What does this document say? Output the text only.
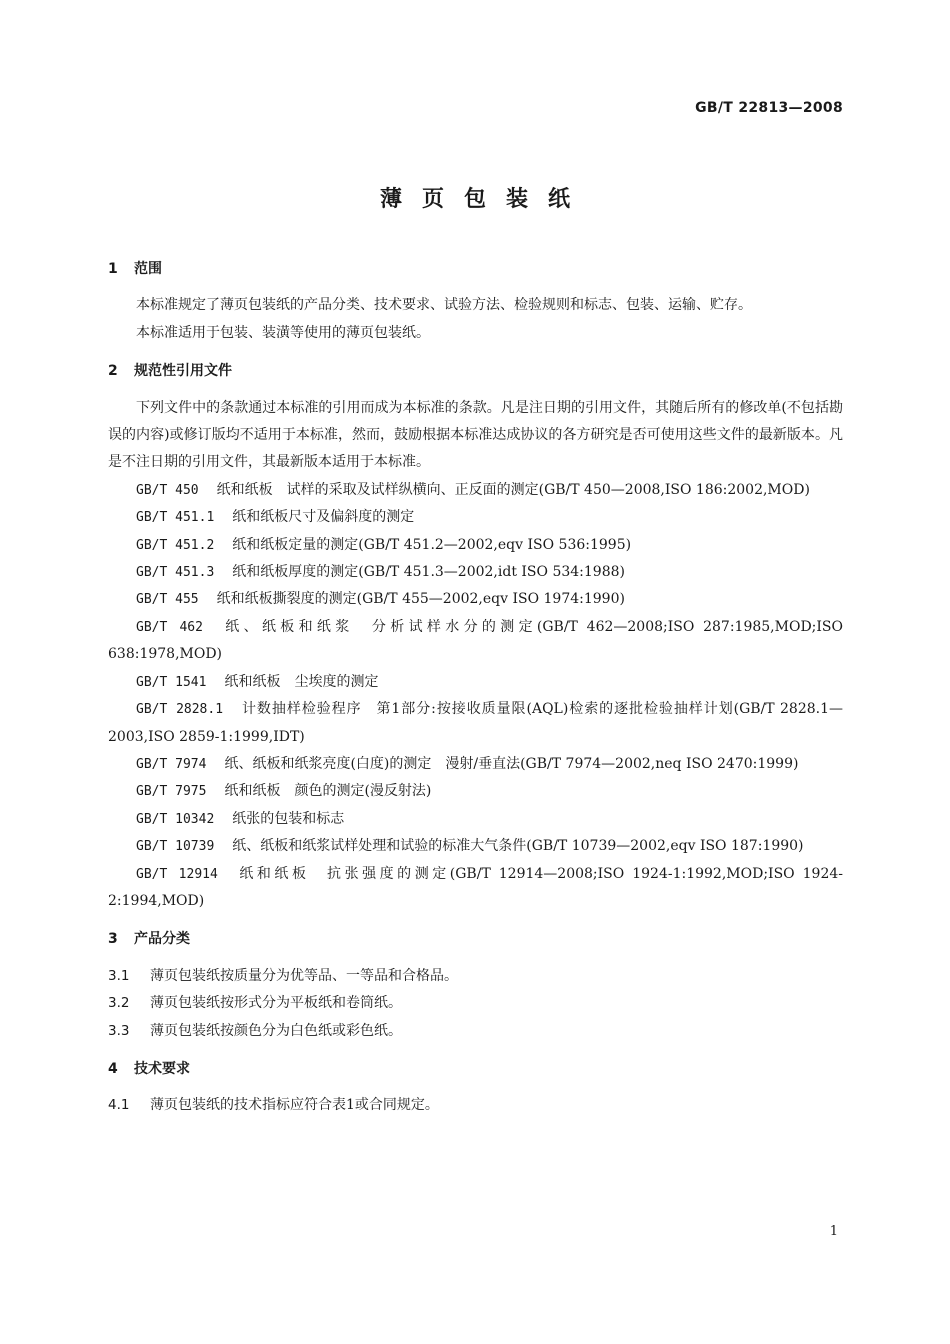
GB/T 22813—2008
薄页包装纸
1 范围

本标准规定了薄页包装纸的产品分类、技术要求、试验方法、检验规则和标志、包装、运输、贮存。

本标准适用于包装、装潢等使用的薄页包装纸。

2 规范性引用文件

下列文件中的条款通过本标准的引用而成为本标准的条款。凡是注日期的引用文件，其随后所有的修改单(不包括勘误的内容)或修订版均不适用于本标准，然而，鼓励根据本标准达成协议的各方研究是否可使用这些文件的最新版本。凡是不注日期的引用文件，其最新版本适用于本标准。

GB/T 450 纸和纸板　试样的采取及试样纵横向、正反面的测定(GB/T 450—2008,ISO 186:2002,MOD)

GB/T 451.1 纸和纸板尺寸及偏斜度的测定

GB/T 451.2 纸和纸板定量的测定(GB/T 451.2—2002,eqv ISO 536:1995)

GB/T 451.3 纸和纸板厚度的测定(GB/T 451.3—2002,idt ISO 534:1988)

GB/T 455 纸和纸板撕裂度的测定(GB/T 455—2002,eqv ISO 1974:1990)

GB/T 462 纸、纸板和纸浆　分析试样水分的测定(GB/T 462—2008;ISO 287:1985,MOD;ISO 638:1978,MOD)

GB/T 1541 纸和纸板　尘埃度的测定

GB/T 2828.1 计数抽样检验程序　第1部分:按接收质量限(AQL)检索的逐批检验抽样计划(GB/T 2828.1—2003,ISO 2859-1:1999,IDT)

GB/T 7974 纸、纸板和纸浆亮度(白度)的测定　漫射/垂直法(GB/T 7974—2002,neq ISO 2470:1999)

GB/T 7975 纸和纸板　颜色的测定(漫反射法)

GB/T 10342 纸张的包装和标志

GB/T 10739 纸、纸板和纸浆试样处理和试验的标准大气条件(GB/T 10739—2002,eqv ISO 187:1990)

GB/T 12914 纸和纸板　抗张强度的测定(GB/T 12914—2008;ISO 1924-1:1992,MOD;ISO 1924-2:1994,MOD)

3 产品分类

3.1 薄页包装纸按质量分为优等品、一等品和合格品。

3.2 薄页包装纸按形式分为平板纸和卷筒纸。

3.3 薄页包装纸按颜色分为白色纸或彩色纸。

4 技术要求

4.1 薄页包装纸的技术指标应符合表1或合同规定。

1
